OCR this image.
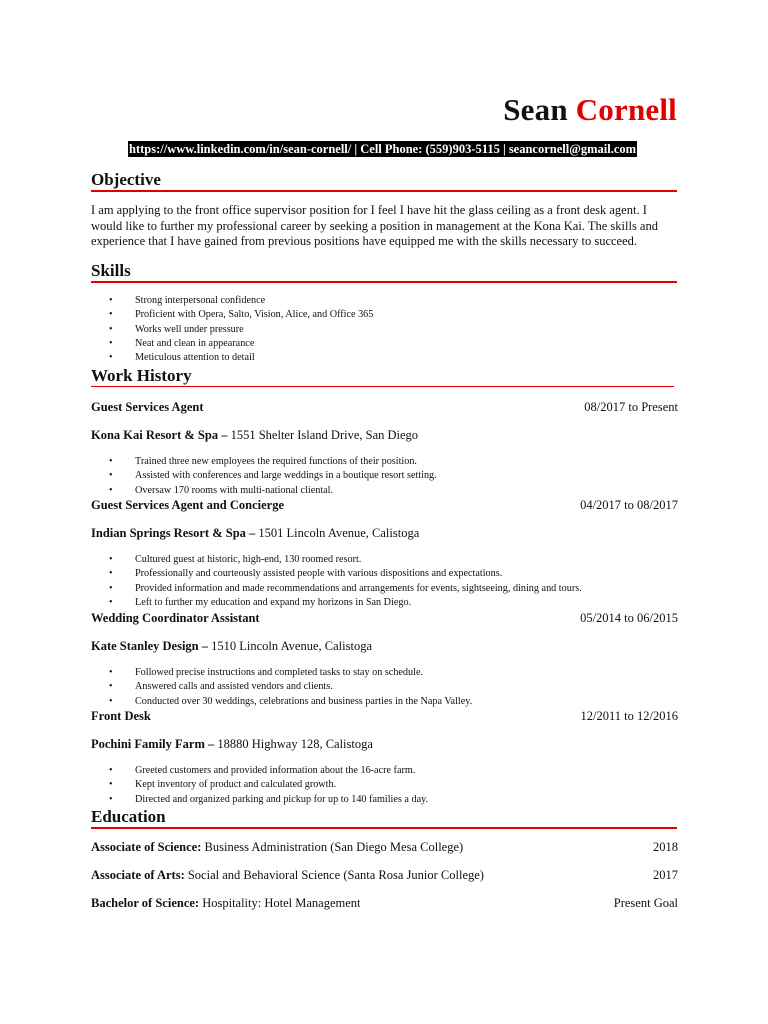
Sean Cornell
https://www.linkedin.com/in/sean-cornell/ | Cell Phone: (559)903-5115 | seancornell@gmail.com
Objective

I am applying to the front office supervisor position for I feel I have hit the glass ceiling as a front desk agent. I would like to further my professional career by seeking a position in management at the Kona Kai. The skills and experience that I have gained from previous positions have equipped me with the skills necessary to succeed.

Skills
• Strong interpersonal confidence
• Proficient with Opera, Salto, Vision, Alice, and Office 365
• Works well under pressure
• Neat and clean in appearance
• Meticulous attention to detail
Work History
Guest Services Agent	08/2017 to Present
Kona Kai Resort & Spa – 1551 Shelter Island Drive, San Diego
• Trained three new employees the required functions of their position.
• Assisted with conferences and large weddings in a boutique resort setting.
• Oversaw 170 rooms with multi-national cliental.
Guest Services Agent and Concierge	04/2017 to 08/2017
Indian Springs Resort & Spa – 1501 Lincoln Avenue, Calistoga
• Cultured guest at historic, high-end, 130 roomed resort.
• Professionally and courteously assisted people with various dispositions and expectations.
• Provided information and made recommendations and arrangements for events, sightseeing, dining and tours.
• Left to further my education and expand my horizons in San Diego.
Wedding Coordinator Assistant	05/2014 to 06/2015
Kate Stanley Design – 1510 Lincoln Avenue, Calistoga
• Followed precise instructions and completed tasks to stay on schedule.
• Answered calls and assisted vendors and clients.
• Conducted over 30 weddings, celebrations and business parties in the Napa Valley.
Front Desk	12/2011 to 12/2016
Pochini Family Farm – 18880 Highway 128, Calistoga
• Greeted customers and provided information about the 16-acre farm.
• Kept inventory of product and calculated growth.
• Directed and organized parking and pickup for up to 140 families a day.
Education
Associate of Science: Business Administration (San Diego Mesa College)	2018
Associate of Arts: Social and Behavioral Science (Santa Rosa Junior College)	2017
Bachelor of Science: Hospitality: Hotel Management	Present Goal
